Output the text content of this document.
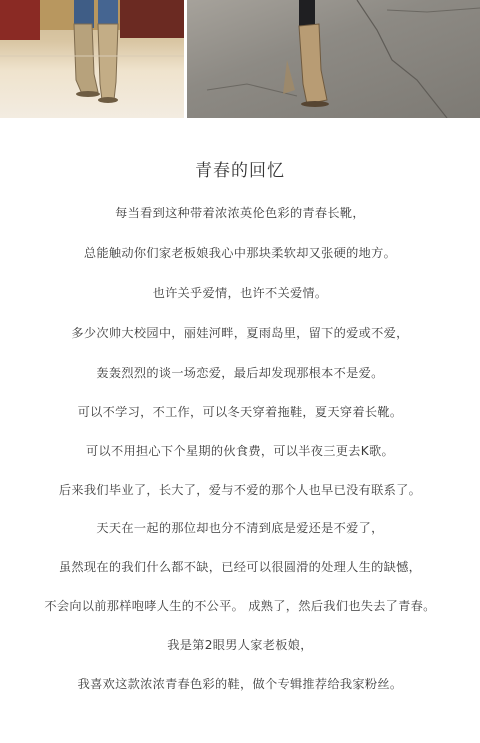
青春的回忆
每当看到这种带着浓浓英伦色彩的青春长靴，
总能触动你们家老板娘我心中那块柔软却又张硬的地方。
也许关乎爱情，也许不关爱情。
多少次帅大校园中，丽娃河畔，夏雨岛里，留下的爱或不爱，
轰轰烈烈的谈一场恋爱，最后却发现那根本不是爱。
可以不学习，不工作，可以冬天穿着拖鞋，夏天穿着长靴。
可以不用担心下个星期的伙食费，可以半夜三更去K歌。
后来我们毕业了，长大了，爱与不爱的那个人也早已没有联系了。
天天在一起的那位却也分不清到底是爱还是不爱了，
虽然现在的我们什么都不缺，已经可以很圆滑的处理人生的缺憾，
不会向以前那样咆哮人生的不公平。 成熟了，然后我们也失去了青春。
我是第2眼男人家老板娘，
我喜欢这款浓浓青春色彩的鞋，做个专辑推荐给我家粉丝。
